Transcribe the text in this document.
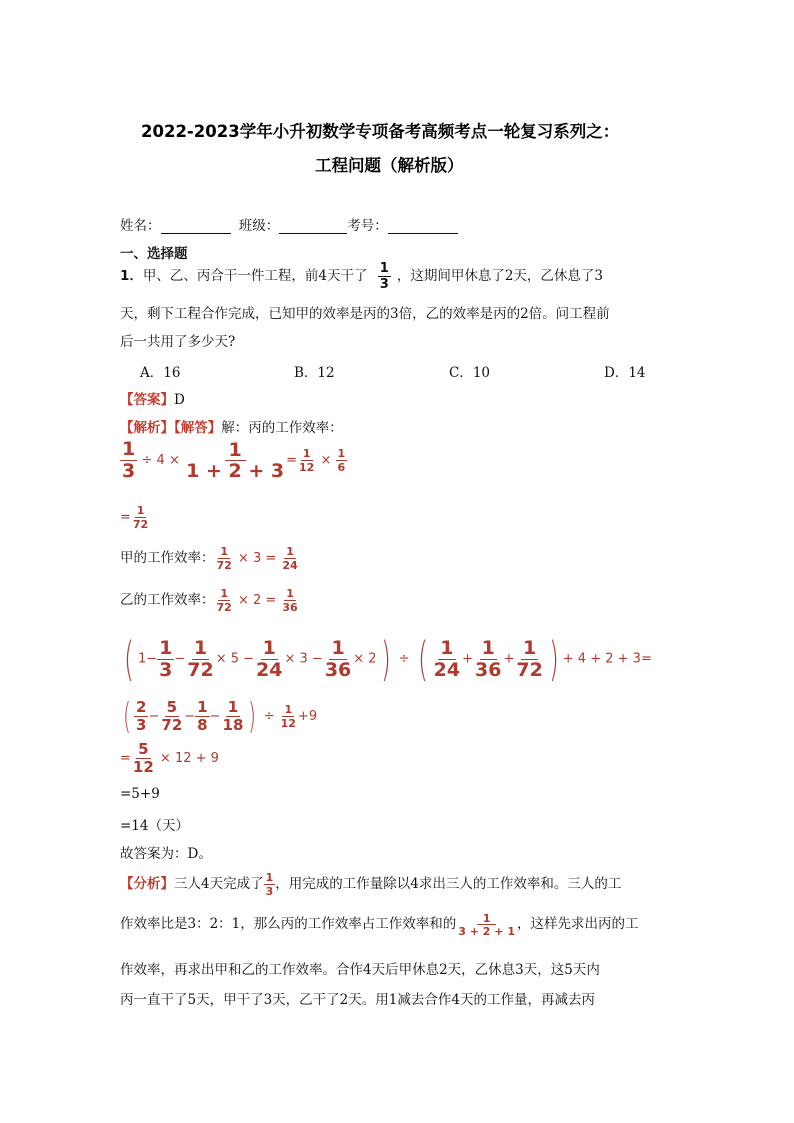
2022-2023学年小升初数学专项备考高频考点一轮复习系列之：
工程问题（解析版）
姓名：	班级：	考号：
一、选择题
1．甲、乙、丙合干一件工程，前4天干了 $\frac{1}{3}$ ，这期间甲休息了2天，乙休息了3
天，剩下工程合作完成，已知甲的效率是丙的3倍，乙的效率是丙的2倍。问工程前
后一共用了多少天?
A．16	B．12	C．10	D．14
【答案】D
【解析】【解答】解：丙的工作效率：
$\frac{1}{3} \div 4 \times \frac{1}{1 + 2 + 3} = \frac{1}{12} \times \frac{1}{6}$
= $\frac{1}{72}$
甲的工作效率： $\frac{1}{72} \times 3 = \frac{1}{24}$
乙的工作效率： $\frac{1}{72} \times 2 = \frac{1}{36}$
( $1- \frac{1}{3} - \frac{1}{72} \times 5 - \frac{1}{24} \times 3 - \frac{1}{36} \times 2$) ÷ ( $\frac{1}{24} + \frac{1}{36} + \frac{1}{72}$ ) + 4 + 2 + 3=
( $\frac{2}{3} - \frac{5}{72} - \frac{1}{8} - \frac{1}{18}$ ) ÷ $\frac{1}{12} +9$
= $\frac{5}{12} \times 12 + 9$
=5+9
=14（天）
故答案为：D。
【分析】三人4天完成了 $\frac{1}{3}$ ，用完成的工作量除以4求出三人的工作效率和。三人的工
作效率比是3：2：1，那么丙的工作效率占工作效率和的 $\frac{1}{3 + 2 + 1}$ ，这样先求出丙的工
作效率，再求出甲和乙的工作效率。合作4天后甲休息2天，乙休息3天，这5天内
丙一直干了5天，甲干了3天，乙干了2天。用1减去合作4天的工作量，再减去丙
